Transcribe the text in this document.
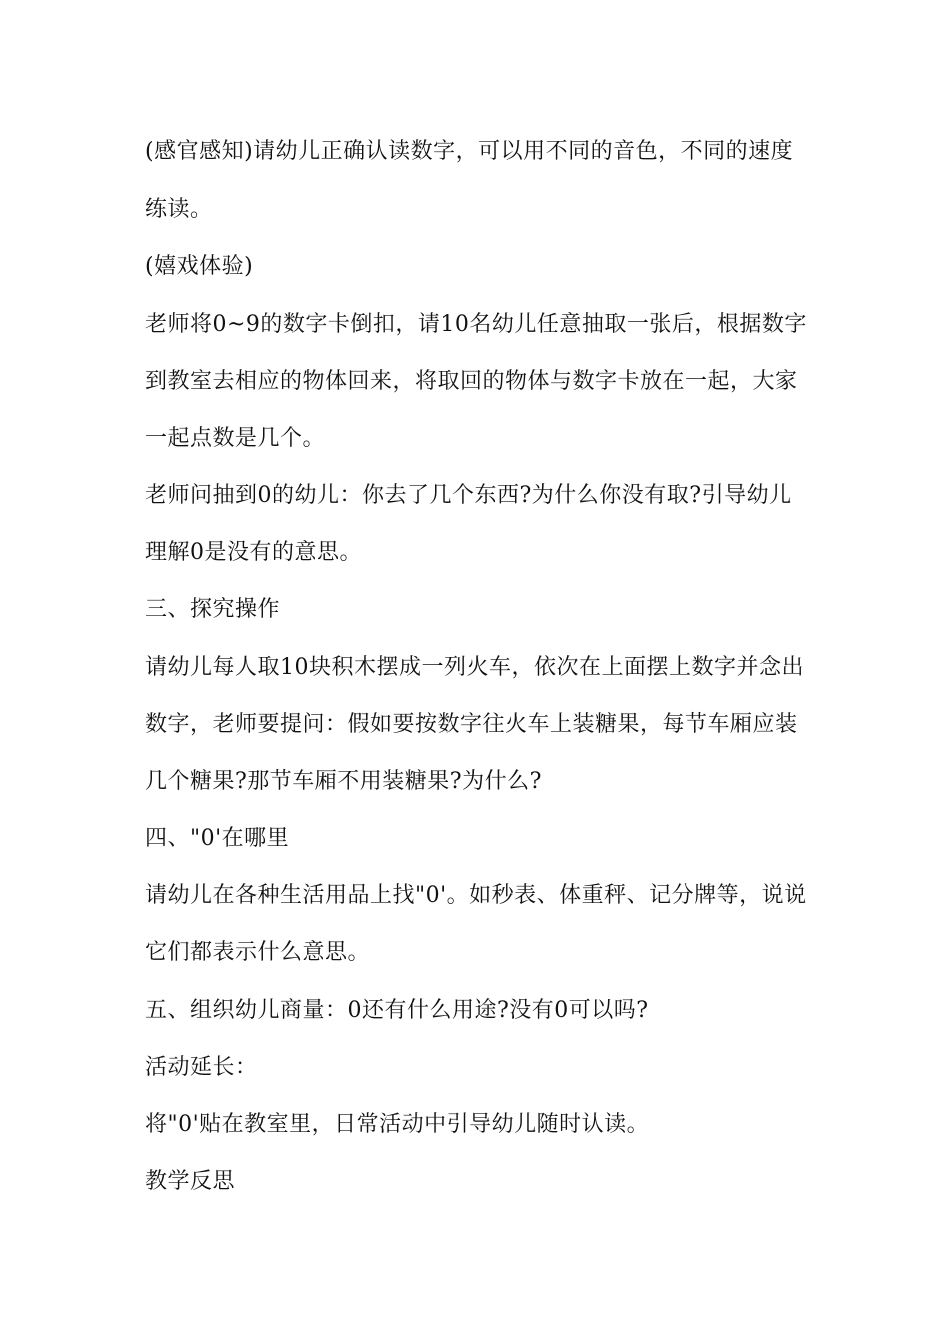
(感官感知)请幼儿正确认读数字，可以用不同的音色，不同的速度
练读。
(嬉戏体验)
老师将0~9的数字卡倒扣，请10名幼儿任意抽取一张后，根据数字
到教室去相应的物体回来，将取回的物体与数字卡放在一起，大家
一起点数是几个。
老师问抽到0的幼儿：你去了几个东西?为什么你没有取?引导幼儿
理解0是没有的意思。
三、探究操作
请幼儿每人取10块积木摆成一列火车，依次在上面摆上数字并念出
数字，老师要提问：假如要按数字往火车上装糖果，每节车厢应装
几个糖果?那节车厢不用装糖果?为什么?
四、"0'在哪里
请幼儿在各种生活用品上找"0'。如秒表、体重秤、记分牌等，说说
它们都表示什么意思。
五、组织幼儿商量：0还有什么用途?没有0可以吗?
活动延长：
将"0'贴在教室里，日常活动中引导幼儿随时认读。
教学反思
